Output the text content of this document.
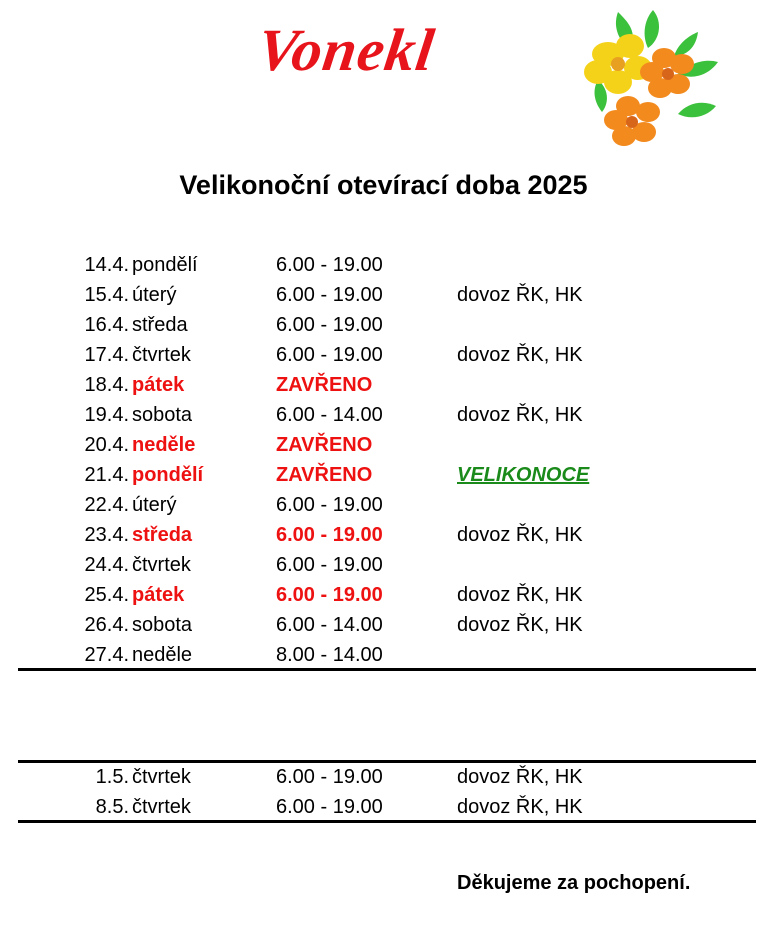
Vonekl
Velikonoční otevírací doba 2025
14.4. pondělí	6.00 - 19.00
15.4. úterý	6.00 - 19.00	dovoz ŘK, HK
16.4. středa	6.00 - 19.00
17.4. čtvrtek	6.00 - 19.00	dovoz ŘK, HK
18.4. pátek	ZAVŘENO
19.4. sobota	6.00 - 14.00	dovoz ŘK, HK
20.4. neděle	ZAVŘENO
21.4. pondělí	ZAVŘENO	VELIKONOCE
22.4. úterý	6.00 - 19.00
23.4. středa	6.00 - 19.00	dovoz ŘK, HK
24.4. čtvrtek	6.00 - 19.00
25.4. pátek	6.00 - 19.00	dovoz ŘK, HK
26.4. sobota	6.00 - 14.00	dovoz ŘK, HK
27.4. neděle	8.00 - 14.00
1.5. čtvrtek	6.00 - 19.00	dovoz ŘK, HK
8.5. čtvrtek	6.00 - 19.00	dovoz ŘK, HK
Děkujeme za pochopení.
